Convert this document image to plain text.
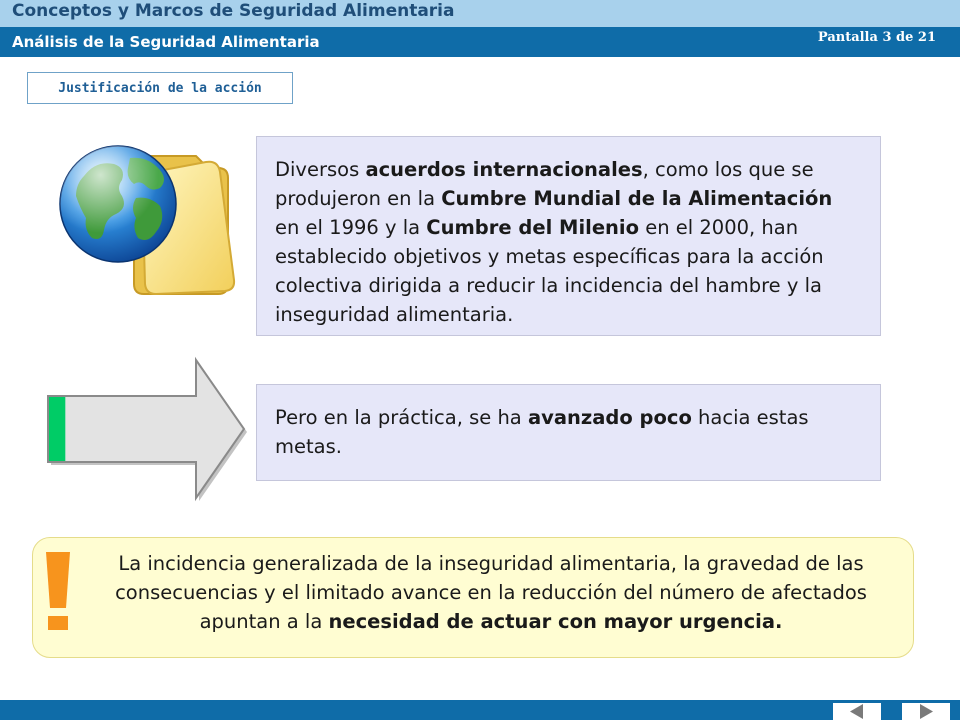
Conceptos y Marcos de Seguridad Alimentaria
Análisis de la Seguridad Alimentaria	Pantalla 3 de 21
Justificación de la acción
Diversos acuerdos internacionales, como los que se produjeron en la Cumbre Mundial de la Alimentación en el 1996 y la Cumbre del Milenio en el 2000, han establecido objetivos y metas específicas para la acción colectiva dirigida a reducir la incidencia del hambre y la inseguridad alimentaria.
Pero en la práctica, se ha avanzado poco hacia estas metas.
La incidencia generalizada de la inseguridad alimentaria, la gravedad de las consecuencias y el limitado avance en la reducción del número de afectados apuntan a la necesidad de actuar con mayor urgencia.
